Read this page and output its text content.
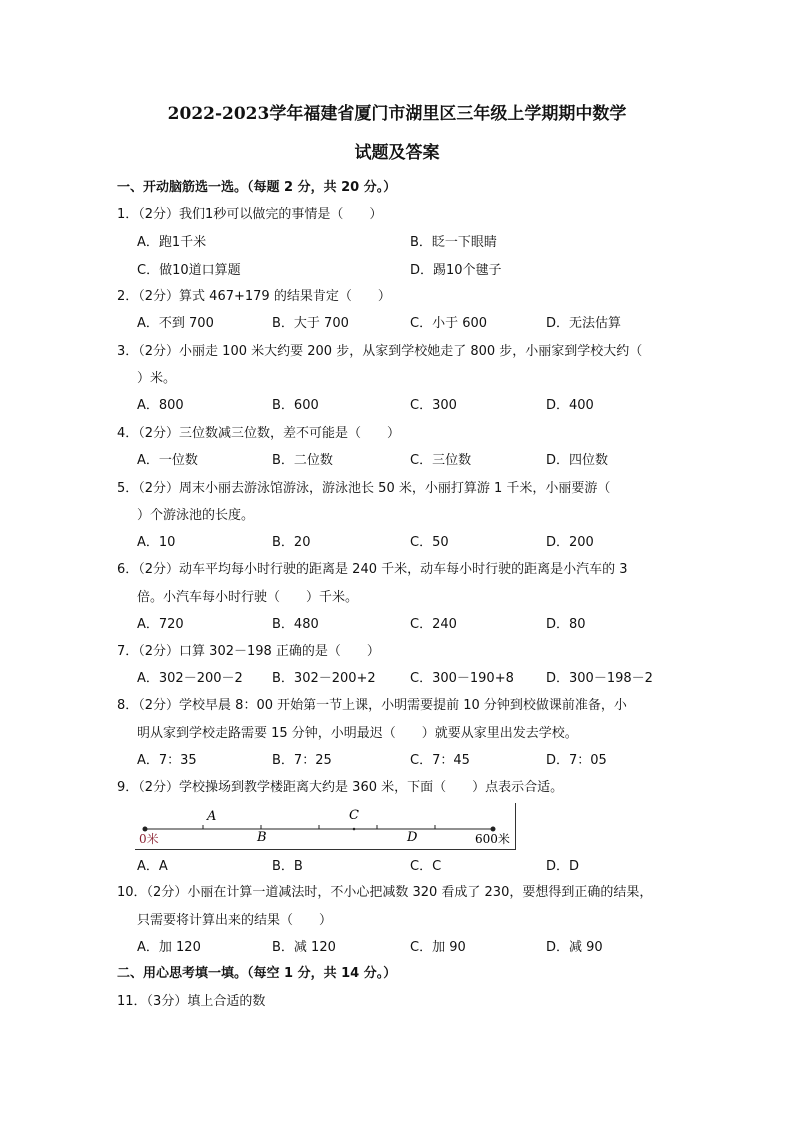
2022-2023学年福建省厦门市湖里区三年级上学期期中数学
试题及答案
一、开动脑筋选一选。（每题 2 分，共 20 分。）
二、用心思考填一填。（每空 1 分，共 14 分。）
1．（2分）我们1秒可以做完的事情是（　　）
A．跑1千米	B．眨一下眼睛
C．做10道口算题	D．踢10个毽子
2．（2分）算式 467+179 的结果肯定（　　）
A．不到 700	B．大于 700	C．小于 600	D．无法估算
3．（2分）小丽走 100 米大约要 200 步，从家到学校她走了 800 步，小丽家到学校大约（
）米。
A．800	B．600	C．300	D．400
4．（2分）三位数减三位数，差不可能是（　　）
A．一位数	B．二位数	C．三位数	D．四位数
5．（2分）周末小丽去游泳馆游泳，游泳池长 50 米，小丽打算游 1 千米，小丽要游（
）个游泳池的长度。
A．10	B．20	C．50	D．200
6．（2分）动车平均每小时行驶的距离是 240 千米，动车每小时行驶的距离是小汽车的 3
倍。小汽车每小时行驶（　　）千米。
A．720	B．480	C．240	D．80
7．（2分）口算 302－198 正确的是（　　）
A．302－200－2 B．302－200+2	C．300－190+8 D．300－198－2
8．（2分）学校早晨 8：00 开始第一节上课，小明需要提前 10 分钟到校做课前准备，小
明从家到学校走路需要 15 分钟，小明最迟（　　）就要从家里出发去学校。
A．7：35	B．7：25	C．7：45	D．7：05
9．（2分）学校操场到教学楼距离大约是 360 米，下面（　　）点表示合适。
A．A	B．B	C．C	D．D
10．（2分）小丽在计算一道减法时，不小心把减数 320 看成了 230，要想得到正确的结果，
只需要将计算出来的结果（　　）
A．加 120	B．减 120	C．加 90	D．减 90
11．（3分）填上合适的数
A
B
C
D
0米	600米
